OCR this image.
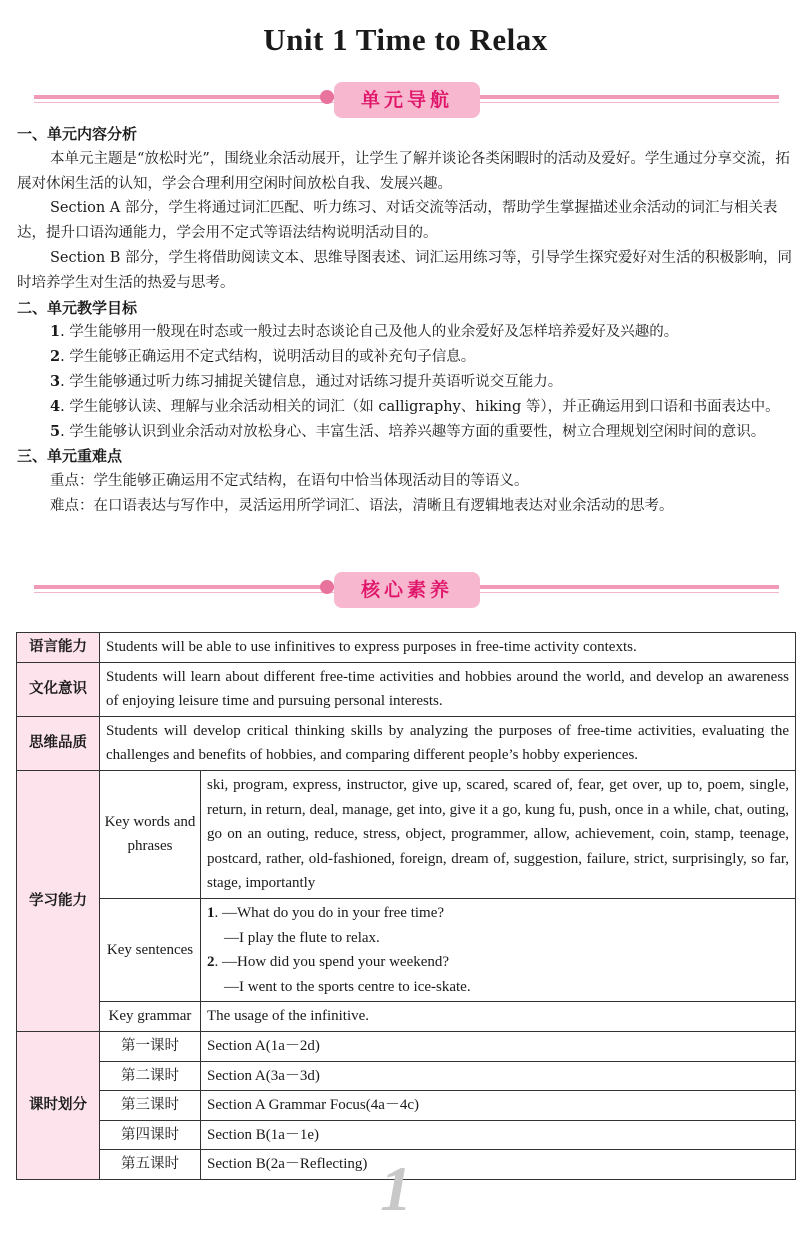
Unit 1 Time to Relax
单元导航

一、单元内容分析

本单元主题是“放松时光”，围绕业余活动展开，让学生了解并谈论各类闲暇时的活动及爱好。学生通过分享交流，拓展对休闲生活的认知，学会合理利用空闲时间放松自我、发展兴趣。

Section A 部分，学生将通过词汇匹配、听力练习、对话交流等活动，帮助学生掌握描述业余活动的词汇与相关表达，提升口语沟通能力，学会用不定式等语法结构说明活动目的。

Section B 部分，学生将借助阅读文本、思维导图表述、词汇运用练习等，引导学生探究爱好对生活的积极影响，同时培养学生对生活的热爱与思考。

二、单元教学目标

1. 学生能够用一般现在时态或一般过去时态谈论自己及他人的业余爱好及怎样培养爱好及兴趣的。

2. 学生能够正确运用不定式结构，说明活动目的或补充句子信息。

3. 学生能够通过听力练习捕捉关键信息，通过对话练习提升英语听说交互能力。

4. 学生能够认读、理解与业余活动相关的词汇（如 calligraphy、hiking 等），并正确运用到口语和书面表达中。

5. 学生能够认识到业余活动对放松身心、丰富生活、培养兴趣等方面的重要性，树立合理规划空闲时间的意识。

三、单元重难点

重点：学生能够正确运用不定式结构，在语句中恰当体现活动目的等语义。

难点：在口语表达与写作中，灵活运用所学词汇、语法，清晰且有逻辑地表达对业余活动的思考。

核心素养
语言能力	Students will be able to use infinitives to express purposes in free-time activity contexts.	
文化意识	Students will learn about different free-time activities and hobbies around the world, and develop an awareness of enjoying leisure time and pursuing personal interests.	
思维品质	Students will develop critical thinking skills by analyzing the purposes of free-time activities, evaluating the challenges and benefits of hobbies, and comparing different people’s hobby experiences.	
学习能力	Key words and phrases	ski, program, express, instructor, give up, scared, scared of, fear, get over, up to, poem, single, return, in return, deal, manage, get into, give it a go, kung fu, push, once in a while, chat, outing, go on an outing, reduce, stress, object, programmer, allow, achievement, coin, stamp, teenage, postcard, rather, old-fashioned, foreign, dream of, suggestion, failure, strict, surprisingly, so far, stage, importantly
	Key sentences	1. —What do you do in your free time?
—I play the flute to relax.
2. —How did you spend your weekend?
—I went to the sports centre to ice-skate.

	Key grammar	The usage of the infinitive.
课时划分	第一课时	Section A(1a－2d)
	第二课时	Section A(3a－3d)
	第三课时	Section A Grammar Focus(4a－4c)
	第四课时	Section B(1a－1e)
	第五课时	Section B(2a－Reflecting) 1
